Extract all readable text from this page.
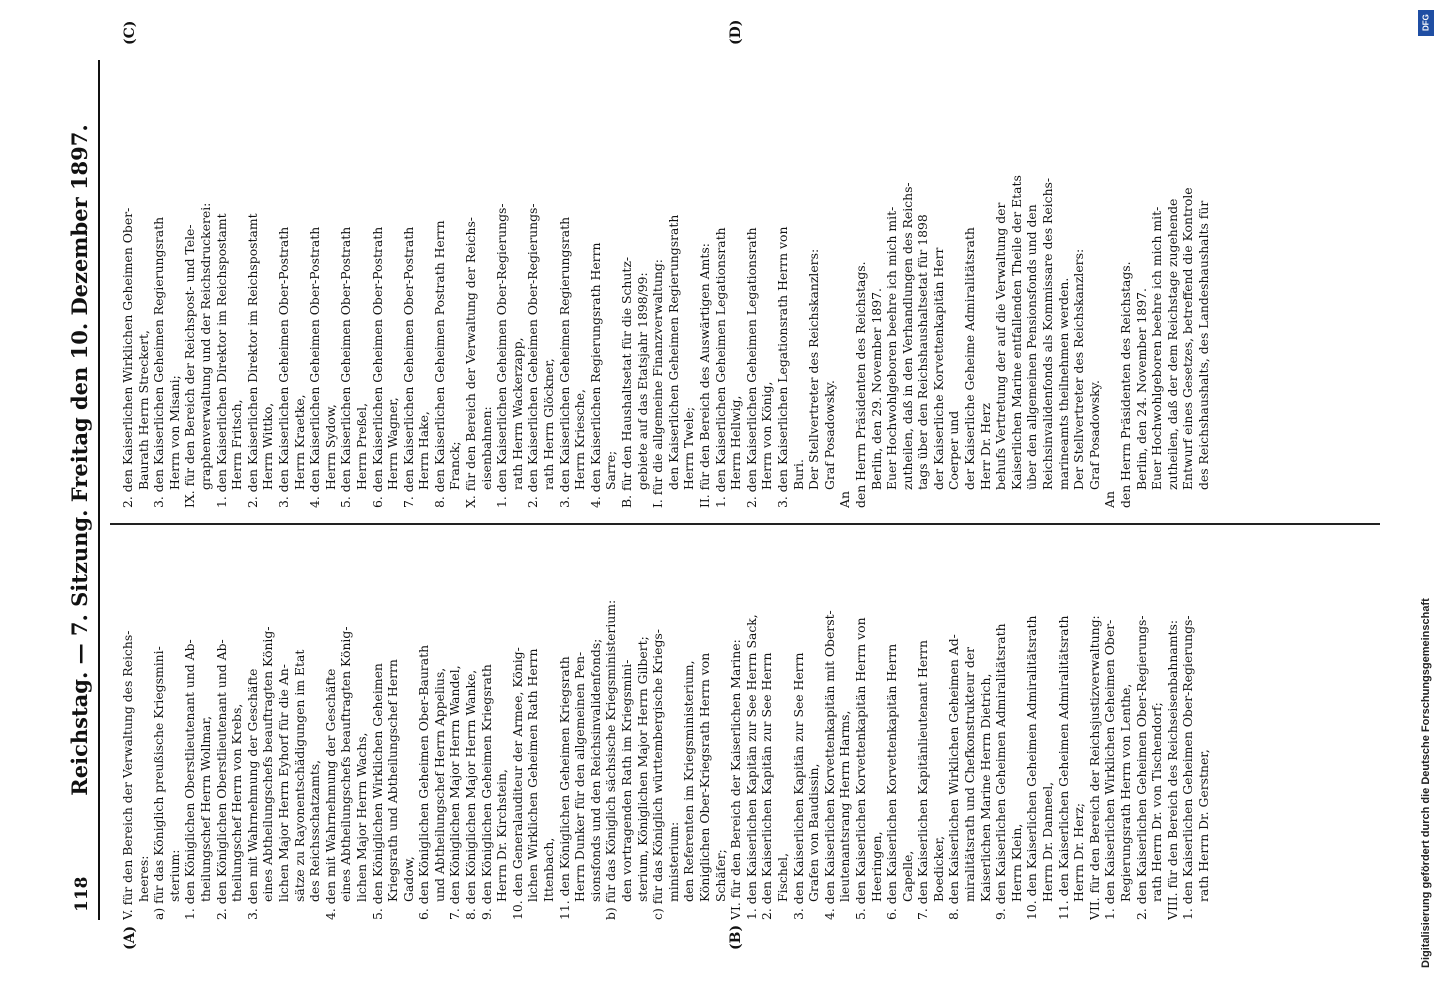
118
Reichstag. — 7. Sitzung. Freitag den 10. Dezember 1897. V. für den Bereich der Verwaltung des Reichs- heeres: a) für das Königlich preußische Kriegsmini- sterium: 1. den Königlichen Oberstlieutenant und Ab- theilungschef Herrn Wollmar, 2. den Königlichen Oberstlieutenant und Ab- theilungschef Herrn von Krebs, 3. den mit Wahrnehmung der Geschäfte eines Abtheilungschefs beauftragten König- lichen Major Herrn Eyhorf für die An- sätze zu Rayonentschädigungen im Etat des Reichsschatzamts, 4. den mit Wahrnehmung der Geschäfte eines Abtheilungschefs beauftragten König- lichen Major Herrn Wachs, 5. den Königlichen Wirklichen Geheimen Kriegsrath und Abtheilungschef Herrn Gadow, 6. den Königlichen Geheimen Ober-Baurath und Abtheilungschef Herrn Appelius, 7. den Königlichen Major Herrn Wandel, 8. den Königlichen Major Herrn Wanke, 9. den Königlichen Geheimen Kriegsrath Herrn Dr. Kirchstein, 10. den Generalauditeur der Armee, König- lichen Wirklichen Geheimen Rath Herrn Ittenbach, 11. den Königlichen Geheimen Kriegsrath Herrn Dunker für den allgemeinen Pen- sionsfonds und den Reichsinvalidenfonds; b) für das Königlich sächsische Kriegsministerium: den vortragenden Rath im Kriegsmini- sterium, Königlichen Major Herrn Gilbert; c) für das Königlich württembergische Kriegs- ministerium: den Referenten im Kriegsministerium, Königlichen Ober-Kriegsrath Herrn von Schäfer; VI. für den Bereich der Kaiserlichen Marine: 1. den Kaiserlichen Kapitän zur See Herrn Sack, 2. den Kaiserlichen Kapitän zur See Herrn Fischel, 3. den Kaiserlichen Kapitän zur See Herrn Grafen von Baudissin, 4. den Kaiserlichen Korvettenkapitän mit Oberst- lieutenantsrang Herrn Harms, 5. den Kaiserlichen Korvettenkapitän Herrn von Heeringen, 6. den Kaiserlichen Korvettenkapitän Herrn Capelle, 7. den Kaiserlichen Kapitänlieutenant Herrn Boedicker, 8. den Kaiserlichen Wirklichen Geheimen Ad- miralitätsrath und Chefkonstrukteur der Kaiserlichen Marine Herrn Dietrich, 9. den Kaiserlichen Geheimen Admiralitätsrath Herrn Klein, 10. den Kaiserlichen Geheimen Admiralitätsrath Herrn Dr. Danneel, 11. den Kaiserlichen Geheimen Admiralitätsrath Herrn Dr. Herz; VII. für den Bereich der Reichsjustizverwaltung: 1. den Kaiserlichen Wirklichen Geheimen Ober- Regierungsrath Herrn von Lenthe, 2. den Kaiserlichen Geheimen Ober-Regierungs- rath Herrn Dr. von Tischendorf; VIII. für den Bereich des Reichseisenbahnamts: 1. den Kaiserlichen Geheimen Ober-Regierungs- rath Herrn Dr. Gerstner,
2. den Kaiserlichen Wirklichen Geheimen Ober- Baurath Herrn Streckert, 3. den Kaiserlichen Geheimen Regierungsrath Herrn von Misani; IX. für den Bereich der Reichspost- und Tele- graphenverwaltung und der Reichsdruckerei: 1. den Kaiserlichen Direktor im Reichspostamt Herrn Fritsch, 2. den Kaiserlichen Direktor im Reichspostamt Herrn Wittko, 3. den Kaiserlichen Geheimen Ober-Postrath Herrn Kraetke, 4. den Kaiserlichen Geheimen Ober-Postrath Herrn Sydow, 5. den Kaiserlichen Geheimen Ober-Postrath Herrn Preßel, 6. den Kaiserlichen Geheimen Ober-Postrath Herrn Wagner, 7. den Kaiserlichen Geheimen Ober-Postrath Herrn Hake, 8. den Kaiserlichen Geheimen Postrath Herrn Franck; X. für den Bereich der Verwaltung der Reichs- eisenbahnen: 1. den Kaiserlichen Geheimen Ober-Regierungs- rath Herrn Wackerzapp, 2. den Kaiserlichen Geheimen Ober-Regierungs- rath Herrn Glöckner, 3. den Kaiserlichen Geheimen Regierungsrath Herrn Kriesche, 4. den Kaiserlichen Regierungsrath Herrn Sarre; B. für den Haushaltsetat für die Schutz- gebiete auf das Etatsjahr 1898/99: I. für die allgemeine Finanzverwaltung: den Kaiserlichen Geheimen Regierungsrath Herrn Twele; II. für den Bereich des Auswärtigen Amts: 1. den Kaiserlichen Geheimen Legationsrath Herrn Hellwig, 2. den Kaiserlichen Geheimen Legationsrath Herrn von König, 3. den Kaiserlichen Legationsrath Herrn von Buri. Der Stellvertreter des Reichskanzlers: Graf Posadowsky.
An den Herrn Präsidenten des Reichstags. Berlin, den 29. November 1897. Euer Hochwohlgeboren beehre ich mich mit- zutheilen, daß in den Verhandlungen des Reichs- tags über den Reichshaushaltsetat für 1898 der Kaiserliche Korvettenkapitän Herr Coerper und der Kaiserliche Geheime Admiralitätsrath Herr Dr. Herz behufs Vertretung der auf die Verwaltung der Kaiserlichen Marine entfallenden Theile der Etats über den allgemeinen Pensionsfonds und den Reichsinvalidenfonds als Kommissare des Reichs- marineamts theilnehmen werden. Der Stellvertreter des Reichskanzlers: Graf Posadowsky.
An den Herrn Präsidenten des Reichstags. Berlin, den 24. November 1897. Euer Hochwohlgeboren beehre ich mich mit- zutheilen, daß der dem Reichstage zugehende Entwurf eines Gesetzes, betreffend die Kontrole des Reichshaushalts, des Landeshaushalts für
(A)	(B)
(C)	(D)
Digitalisierung gefördert durch die Deutsche Forschungsgemeinschaft
DFG
